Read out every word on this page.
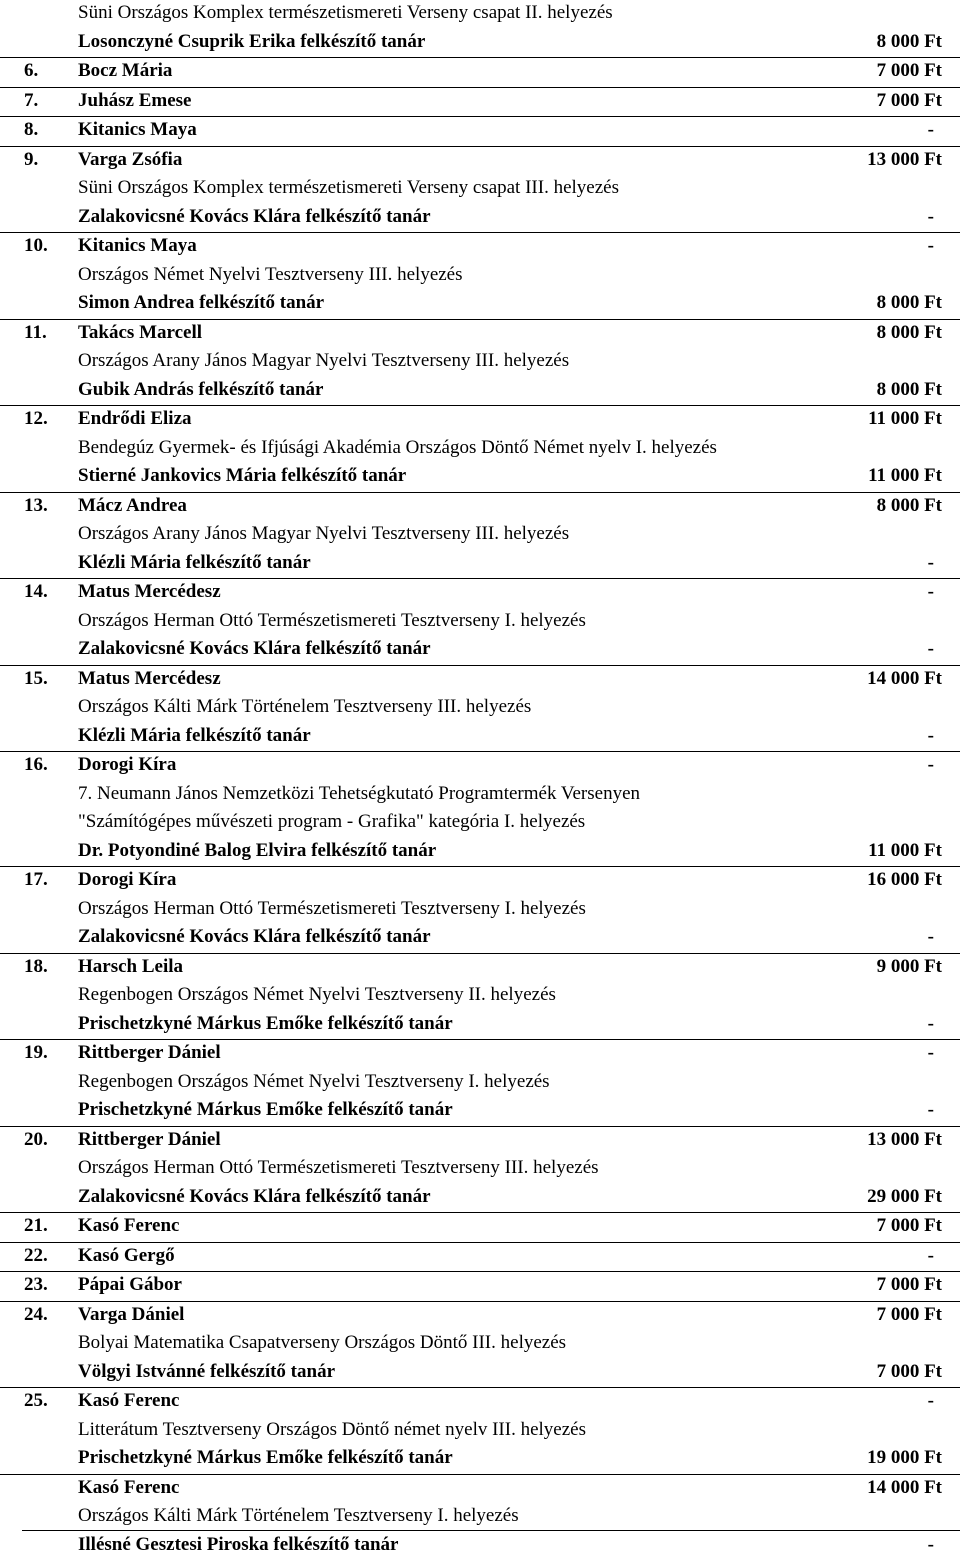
Süni Országos Komplex természetismereti Verseny csapat II. helyezés
Losonczyné Csuprik Erika felkészítő tanár	8 000 Ft
6. Bocz Mária	7 000 Ft
7. Juhász Emese	7 000 Ft
8. Kitanics Maya	-
9. Varga Zsófia	13 000 Ft
Süni Országos Komplex természetismereti Verseny csapat III. helyezés
Zalakovicsné Kovács Klára felkészítő tanár	-
10. Kitanics Maya	-
Országos Német Nyelvi Tesztverseny III. helyezés
Simon Andrea felkészítő tanár	8 000 Ft
11. Takács Marcell	8 000 Ft
Országos Arany János Magyar Nyelvi Tesztverseny III. helyezés
Gubik András felkészítő tanár	8 000 Ft
12. Endrődi Eliza	11 000 Ft
Bendegúz Gyermek- és Ifjúsági Akadémia Országos Döntő Német nyelv I. helyezés
Stierné Jankovics Mária felkészítő tanár	11 000 Ft
13. Mácz Andrea	8 000 Ft
Országos Arany János Magyar Nyelvi Tesztverseny III. helyezés
Klézli Mária felkészítő tanár	-
14. Matus Mercédesz	-
Országos Herman Ottó Természetismereti Tesztverseny I. helyezés
Zalakovicsné Kovács Klára felkészítő tanár	-
15. Matus Mercédesz	14 000 Ft
Országos Kálti Márk Történelem Tesztverseny III. helyezés
Klézli Mária felkészítő tanár	-
16. Dorogi Kíra	-
7. Neumann János Nemzetközi Tehetségkutató Programtermék Versenyen
"Számítógépes művészeti program - Grafika" kategória I. helyezés
Dr. Potyondiné Balog Elvira felkészítő tanár	11 000 Ft
17. Dorogi Kíra	16 000 Ft
Országos Herman Ottó Természetismereti Tesztverseny I. helyezés
Zalakovicsné Kovács Klára felkészítő tanár	-
18. Harsch Leila	9 000 Ft
Regenbogen Országos Német Nyelvi Tesztverseny II. helyezés
Prischetzkyné Márkus Emőke felkészítő tanár	-
19. Rittberger Dániel	-
Regenbogen Országos Német Nyelvi Tesztverseny I. helyezés
Prischetzkyné Márkus Emőke felkészítő tanár	-
20. Rittberger Dániel	13 000 Ft
Országos Herman Ottó Természetismereti Tesztverseny III. helyezés
Zalakovicsné Kovács Klára felkészítő tanár	29 000 Ft
21. Kasó Ferenc	7 000 Ft
22. Kasó Gergő	-
23. Pápai Gábor	7 000 Ft
24. Varga Dániel	7 000 Ft
Bolyai Matematika Csapatverseny Országos Döntő III. helyezés
Völgyi Istvánné felkészítő tanár	7 000 Ft
25. Kasó Ferenc	-
Litterátum Tesztverseny Országos Döntő német nyelv III. helyezés
Prischetzkyné Márkus Emőke felkészítő tanár	19 000 Ft
Kasó Ferenc	14 000 Ft
Országos Kálti Márk Történelem Tesztverseny I. helyezés
Illésné Gesztesi Piroska felkészítő tanár	-
